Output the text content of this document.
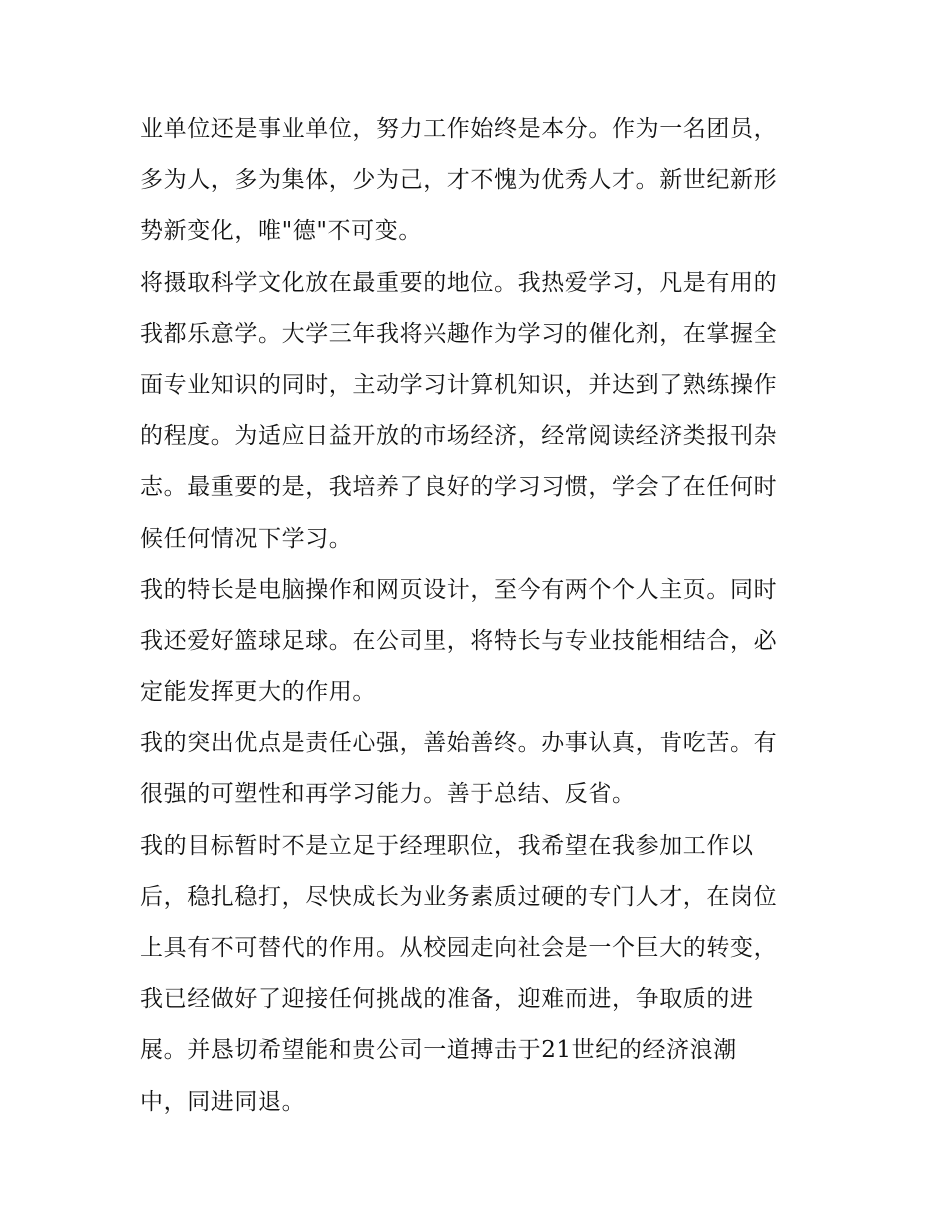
业单位还是事业单位，努力工作始终是本分。作为一名团员，
多为人，多为集体，少为己，才不愧为优秀人才。新世纪新形
势新变化，唯"德"不可变。
将摄取科学文化放在最重要的地位。我热爱学习，凡是有用的
我都乐意学。大学三年我将兴趣作为学习的催化剂，在掌握全
面专业知识的同时，主动学习计算机知识，并达到了熟练操作
的程度。为适应日益开放的市场经济，经常阅读经济类报刊杂
志。最重要的是，我培养了良好的学习习惯，学会了在任何时
候任何情况下学习。
我的特长是电脑操作和网页设计，至今有两个个人主页。同时
我还爱好篮球足球。在公司里，将特长与专业技能相结合，必
定能发挥更大的作用。
我的突出优点是责任心强，善始善终。办事认真，肯吃苦。有
很强的可塑性和再学习能力。善于总结、反省。
我的目标暂时不是立足于经理职位，我希望在我参加工作以
后，稳扎稳打，尽快成长为业务素质过硬的专门人才，在岗位
上具有不可替代的作用。从校园走向社会是一个巨大的转变，
我已经做好了迎接任何挑战的准备，迎难而进，争取质的进
展。并恳切希望能和贵公司一道搏击于21世纪的经济浪潮
中，同进同退。
